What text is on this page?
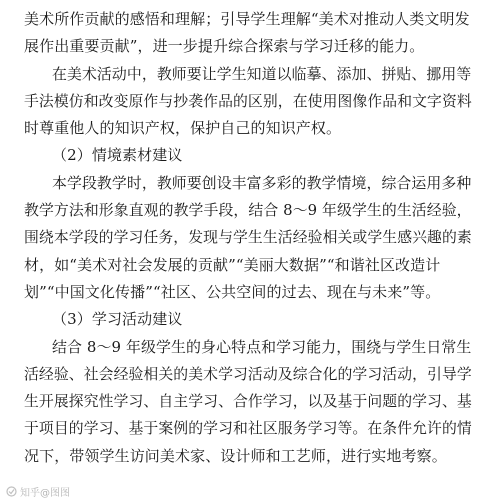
美术所作贡献的感悟和理解；引导学生理解“美术对推动人类文明发
展作出重要贡献”，进一步提升综合探索与学习迁移的能力。
在美术活动中，教师要让学生知道以临摹、添加、拼贴、挪用等
手法模仿和改变原作与抄袭作品的区别，在使用图像作品和文字资料
时尊重他人的知识产权，保护自己的知识产权。
（2）情境素材建议
本学段教学时，教师要创设丰富多彩的教学情境，综合运用多种
教学方法和形象直观的教学手段，结合 8～9 年级学生的生活经验，
围绕本学段的学习任务，发现与学生生活经验相关或学生感兴趣的素
材，如“美术对社会发展的贡献”“美丽大数据”“和谐社区改造计
划”“中国文化传播”“社区、公共空间的过去、现在与未来”等。
（3）学习活动建议
结合 8～9 年级学生的身心特点和学习能力，围绕与学生日常生
活经验、社会经验相关的美术学习活动及综合化的学习活动，引导学
生开展探究性学习、自主学习、合作学习，以及基于问题的学习、基
于项目的学习、基于案例的学习和社区服务学习等。在条件允许的情
况下，带领学生访问美术家、设计师和工艺师，进行实地考察。
知乎@图图
